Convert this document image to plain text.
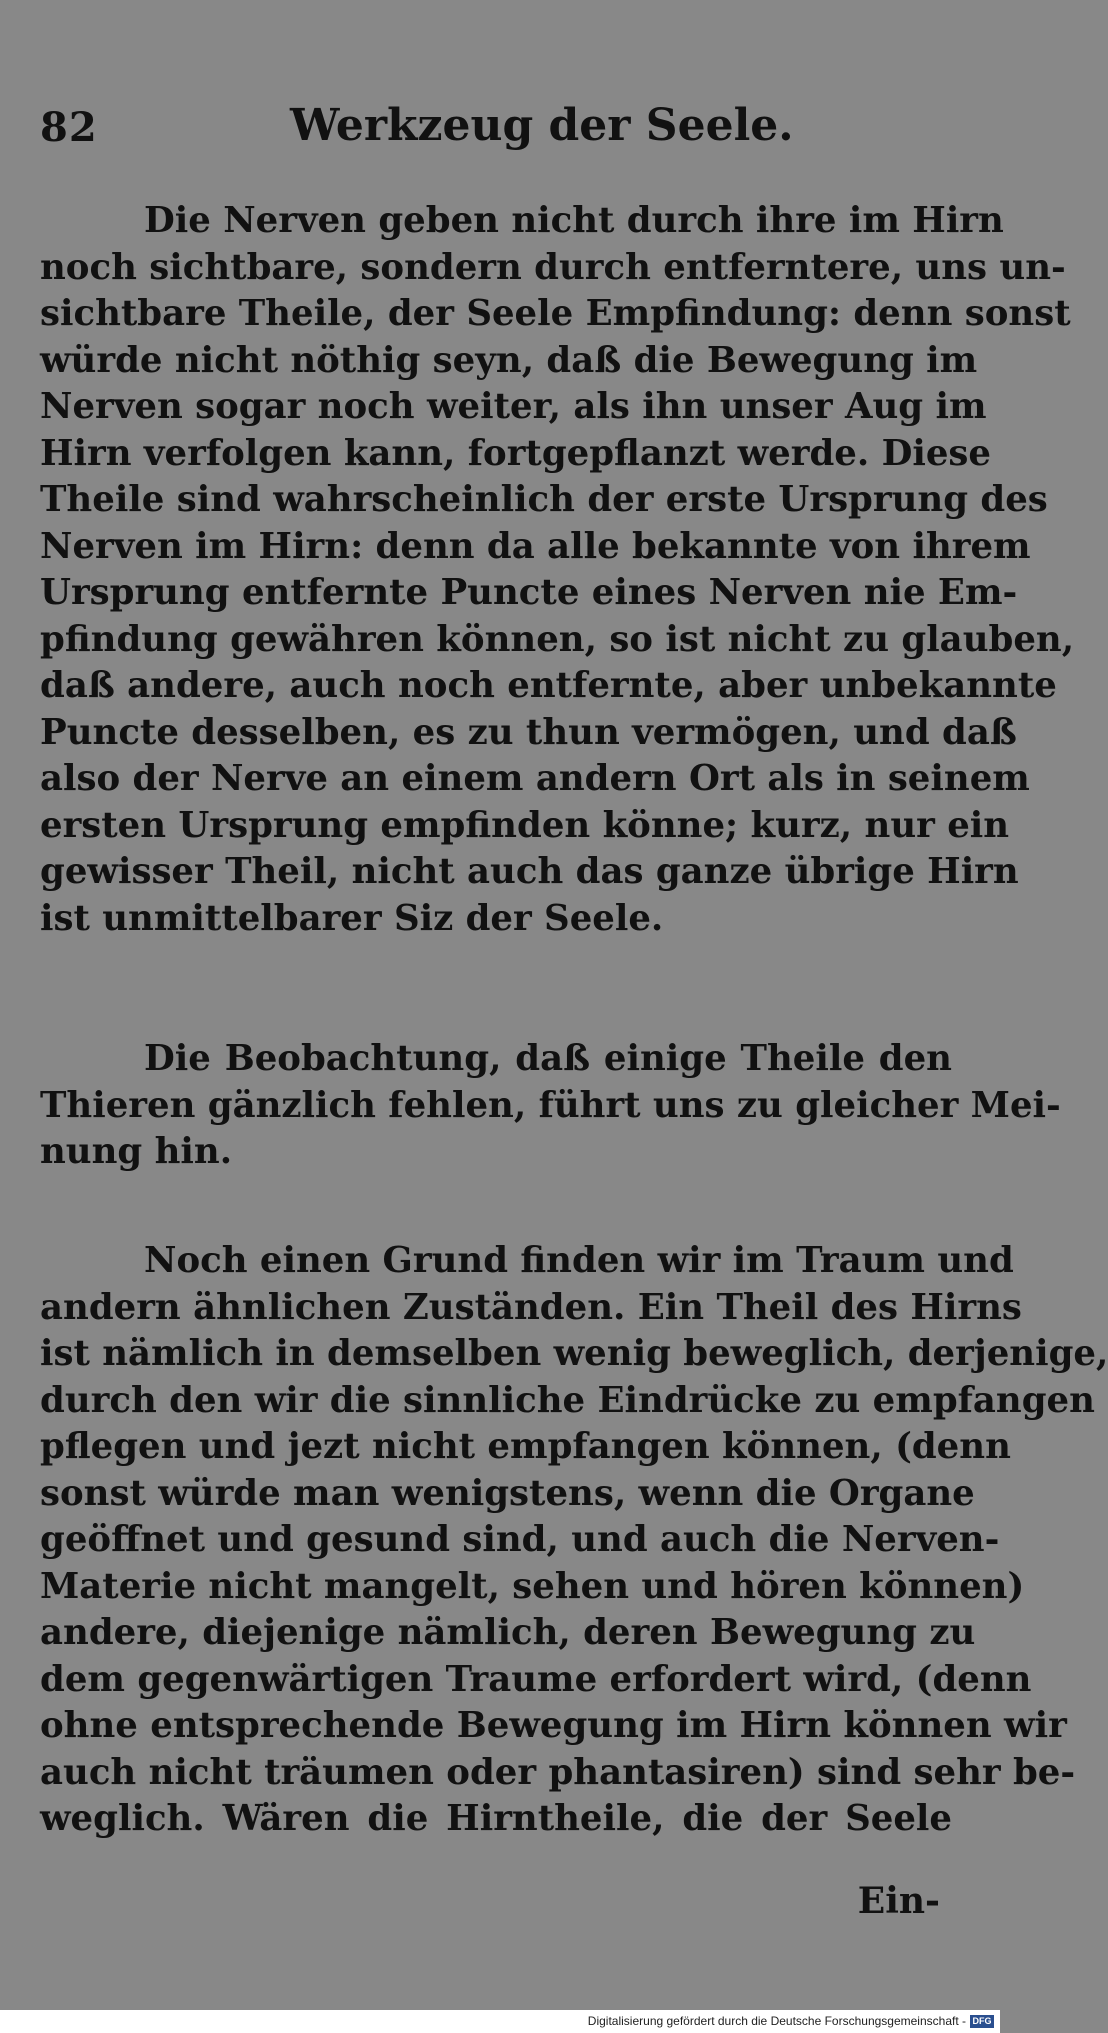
82	Werkzeug der Seele.

Die Nerven geben nicht durch ihre im Hirn
noch sichtbare, sondern durch entferntere, uns un-
sichtbare Theile, der Seele Empfindung: denn sonst
würde nicht nöthig seyn, daß die Bewegung im
Nerven sogar noch weiter, als ihn unser Aug im
Hirn verfolgen kann, fortgepflanzt werde. Diese
Theile sind wahrscheinlich der erste Ursprung des
Nerven im Hirn: denn da alle bekannte von ihrem
Ursprung entfernte Puncte eines Nerven nie Em-
pfindung gewähren können, so ist nicht zu glauben,
daß andere, auch noch entfernte, aber unbekannte
Puncte desselben, es zu thun vermögen, und daß
also der Nerve an einem andern Ort als in seinem
ersten Ursprung empfinden könne; kurz, nur ein
gewisser Theil, nicht auch das ganze übrige Hirn
ist unmittelbarer Siz der Seele.

Die Beobachtung, daß einige Theile den
Thieren gänzlich fehlen, führt uns zu gleicher Mei-
nung hin.

Noch einen Grund finden wir im Traum und
andern ähnlichen Zuständen. Ein Theil des Hirns
ist nämlich in demselben wenig beweglich, derjenige,
durch den wir die sinnliche Eindrücke zu empfangen
pflegen und jezt nicht empfangen können, (denn
sonst würde man wenigstens, wenn die Organe
geöffnet und gesund sind, und auch die Nerven-
Materie nicht mangelt, sehen und hören können)
andere, diejenige nämlich, deren Bewegung zu
dem gegenwärtigen Traume erfordert wird, (denn
ohne entsprechende Bewegung im Hirn können wir
auch nicht träumen oder phantasiren) sind sehr be-
weglich. Wären die Hirntheile, die der Seele

Ein-
Digitalisierung gefördert durch die Deutsche Forschungsgemeinschaft - DFG
